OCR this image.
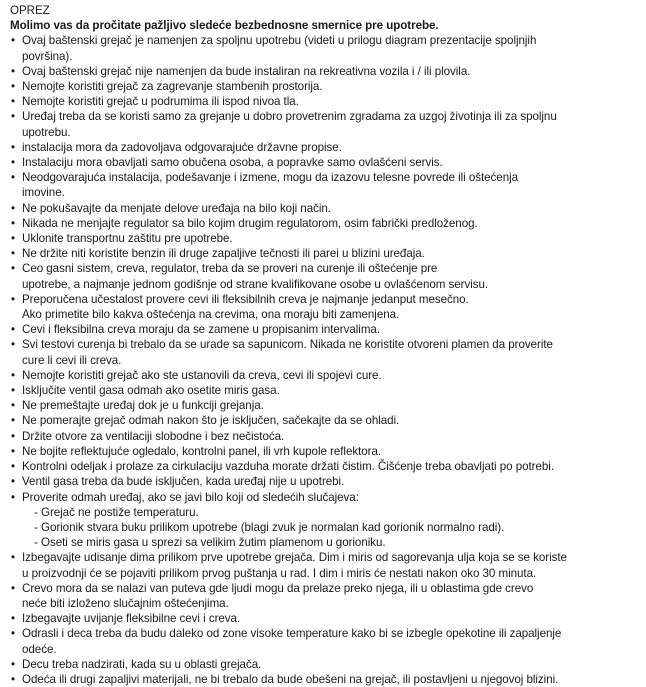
OPREZ

Molimo vas da pročitate pažljivo sledeće bezbednosne smernice pre upotrebe.

• Ovaj baštenski grejač je namenjen za spoljnu upotrebu (videti u prilogu diagram prezentacije spoljnjih
površina).
• Ovaj baštenski grejač nije namenjen da bude instaliran na rekreativna vozila i / ili plovila.
• Nemojte koristiti grejač za zagrevanje stambenih prostorija.
• Nemojte koristiti grejač u podrumima ili ispod nivoa tla.
• Uređaj treba da se koristi samo za grejanje u dobro provetrenim zgradama za uzgoj životinja ili za spoljnu
upotrebu.
• instalacija mora da zadovoljava odgovarajuće državne propise.
• Instalaciju mora obavljati samo obučena osoba, a popravke samo ovlašćeni servis.
• Neodgovarajuća instalacija, podešavanje i izmene, mogu da izazovu telesne povrede ili oštećenja
imovine.
• Ne pokušavajte da menjate delove uređaja na bilo koji način.
• Nikada ne menjajte regulator sa bilo kojim drugim regulatorom, osim fabrički predloženog.
• Uklonite transportnu zaštitu pre upotrebe.
• Ne držite niti koristite benzin ili druge zapaljive tečnosti ili parei u blizini uređaja.
• Ceo gasni sistem, creva, regulator, treba da se proveri na curenje ili oštećenje pre
upotrebe, a najmanje jednom godišnje od strane kvalifikovane osobe u ovlašćenom servisu.
• Preporučena učestalost provere cevi ili fleksibilnih creva je najmanje jedanput mesečno.
Ako primetite bilo kakva oštećenja na crevima, ona moraju biti zamenjena.
• Cevi i fleksibilna creva moraju da se zamene u propisanim intervalima.
• Svi testovi curenja bi trebalo da se urade sa sapunicom. Nikada ne koristite otvoreni plamen da proverite
cure li cevi ili creva.
• Nemojte koristiti grejač ako ste ustanovili da creva, cevi ili spojevi cure.
• Isključite ventil gasa odmah ako osetite miris gasa.
• Ne premeštajte uređaj dok je u funkciji grejanja.
• Ne pomerajte grejač odmah nakon što je isključen, sačekajte da se ohladi.
• Držite otvore za ventilaciji slobodne i bez nečistoća.
• Ne bojite reflektujuće ogledalo, kontrolni panel, ili vrh kupole reflektora.
• Kontrolni odeljak i prolaze za cirkulaciju vazduha morate držati čistim. Čišćenje treba obavljati po potrebi.
• Ventil gasa treba da bude isključen, kada uređaj nije u upotrebi.
• Proverite odmah uređaj, ako se javi bilo koji od sledećih slučajeva:
- Grejač ne postiže temperaturu.
- Gorionik stvara buku prilikom upotrebe (blagi zvuk je normalan kad gorionik normalno radi).
- Oseti se miris gasa u sprezi sa velikim žutim plamenom u gorioniku.
• Izbegavajte udisanje dima prilikom prve upotrebe grejača. Dim i miris od sagorevanja ulja koja se se koriste
u proizvodnji će se pojaviti prilikom prvog puštanja u rad. I dim i miris će nestati nakon oko 30 minuta.
• Crevo mora da se nalazi van puteva gde ljudi mogu da prelaze preko njega, ili u oblastima gde crevo
neće biti izloženo slučajnim oštećenjima.
• Izbegavajte uvijanje fleksibilne cevi i creva.
• Odrasli i deca treba da budu daleko od zone visoke temperature kako bi se izbegle opekotine ili zapaljenje
odeće.
• Decu treba nadzirati, kada su u oblasti grejača.
• Odeća ili drugi zapaljivi materijali, ne bi trebalo da bude obešeni na grejač, ili postavljeni u njegovoj blizini.
